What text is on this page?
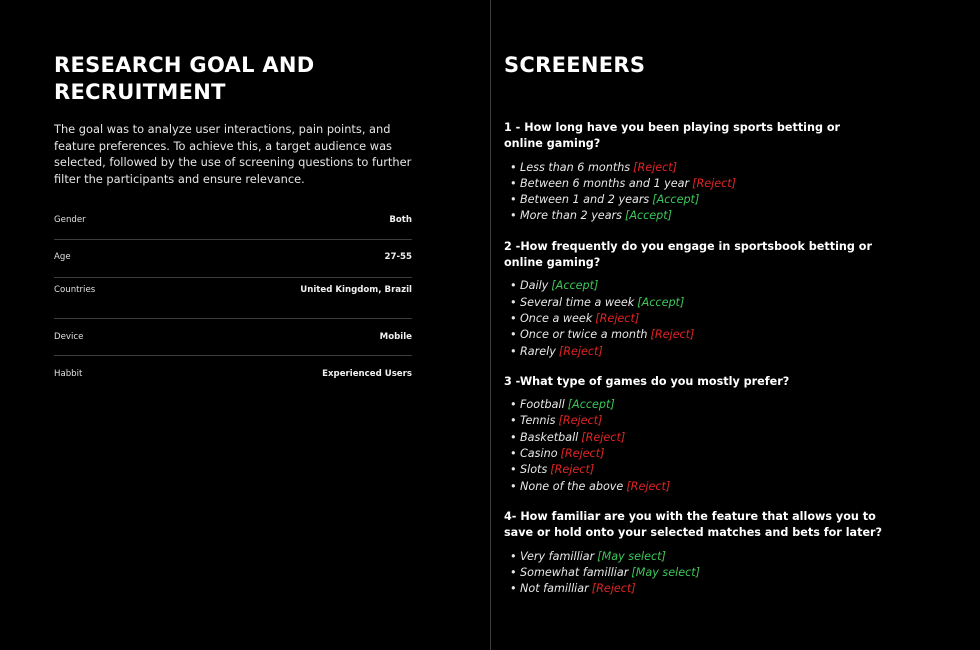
RESEARCH GOAL AND RECRUITMENT

The goal was to analyze user interactions, pain points, and feature preferences. To achieve this, a target audience was selected, followed by the use of screening questions to further filter the participants and ensure relevance.

Gender	Both
Age	27-55
Countries	United Kingdom, Brazil
Device	Mobile
Habbit	Experienced Users
SCREENERS

1 - How long have you been playing sports betting or online gaming?

• Less than 6 months [Reject]
• Between 6 months and 1 year [Reject]
• Between 1 and 2 years [Accept]
• More than 2 years [Accept]

2 -How frequently do you engage in sportsbook betting or online gaming?

• Daily [Accept]
• Several time a week [Accept]
• Once a week [Reject]
• Once or twice a month [Reject]
• Rarely [Reject]

3 -What type of games do you mostly prefer?

• Football [Accept]
• Tennis [Reject]
• Basketball [Reject]
• Casino [Reject]
• Slots [Reject]
• None of the above [Reject]

4- How familiar are you with the feature that allows you to save or hold onto your selected matches and bets for later?

• Very familliar [May select]
• Somewhat familliar [May select]
• Not familliar [Reject]
